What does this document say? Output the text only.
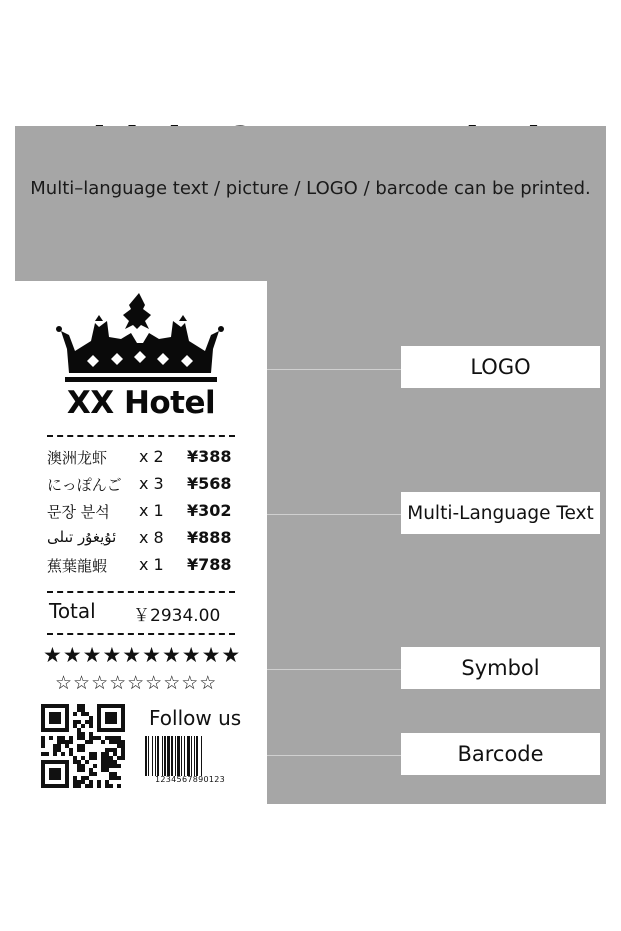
Multi–language text / picture / LOGO / barcode can be printed.
XX Hotel
澳洲龙虾 x 2 ¥388
にっぽんご x 3 ¥568
문장 분석 x 1 ¥302
ئۇيغۇر تىلى x 8 ¥888
蕉葉龍蝦 x 1 ¥788
Total ￥2934.00
★★★★★★★★★★
☆☆☆☆☆☆☆☆☆
Follow us
1234567890123
LOGO
Multi-Language Text
Symbol
Barcode
